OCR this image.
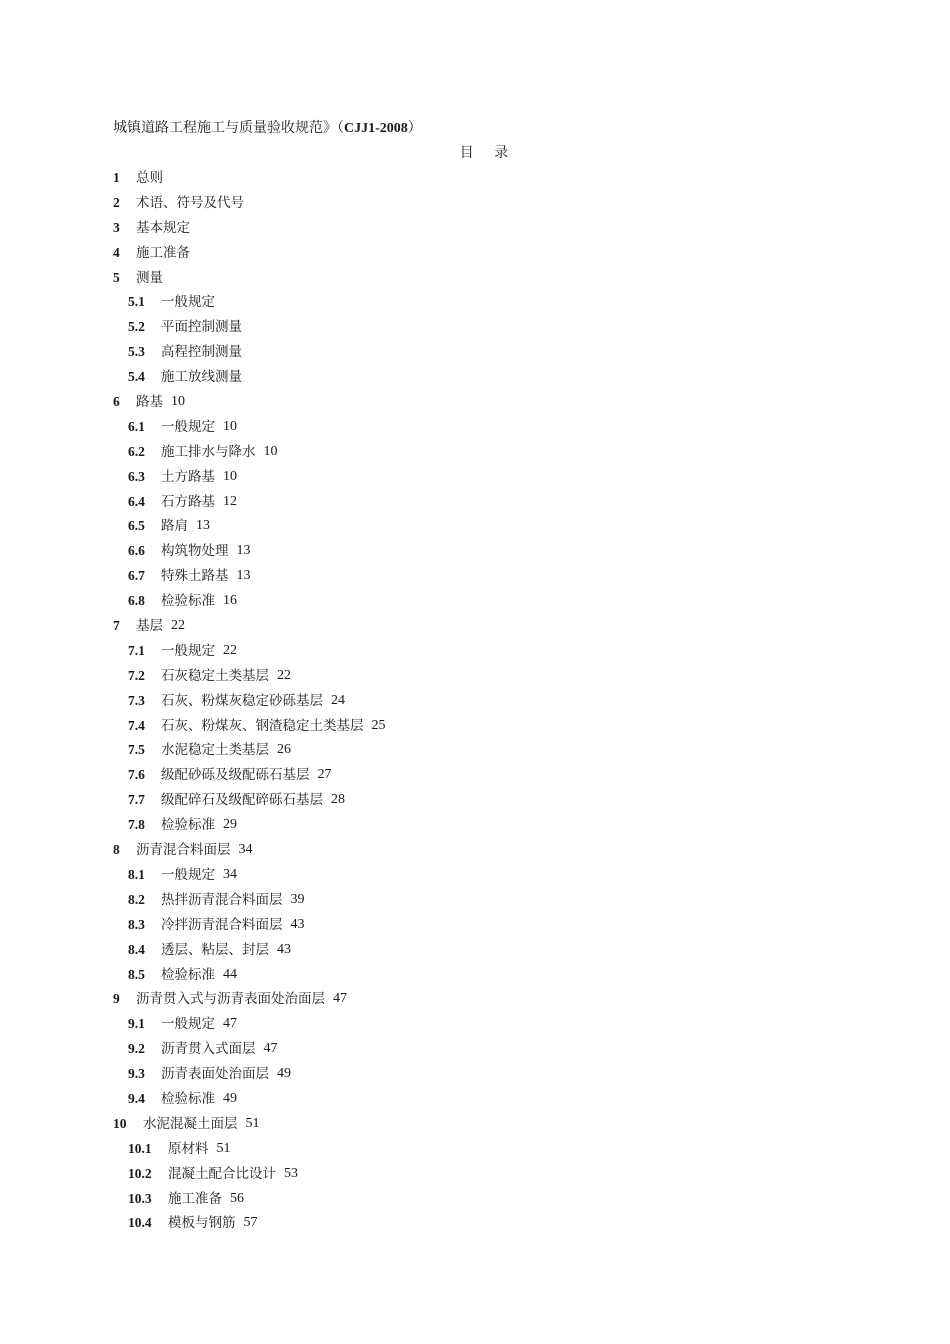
城镇道路工程施工与质量验收规范》（CJJ1-2008）
目 录
1	总则
2	术语、符号及代号
3	基本规定
4	施工准备
5	测量
5.1	一般规定
5.2	平面控制测量
5.3	高程控制测量
5.4	施工放线测量
6	路基 10
6.1	一般规定 10
6.2	施工排水与降水 10
6.3	土方路基 10
6.4	石方路基 12
6.5	路肩 13
6.6	构筑物处理 13
6.7	特殊土路基 13
6.8	检验标准 16
7	基层 22
7.1	一般规定 22
7.2	石灰稳定土类基层 22
7.3	石灰、粉煤灰稳定砂砾基层 24
7.4	石灰、粉煤灰、钢渣稳定土类基层 25
7.5	水泥稳定土类基层 26
7.6	级配砂砾及级配砾石基层 27
7.7	级配碎石及级配碎砾石基层 28
7.8	检验标准 29
8	沥青混合料面层 34
8.1	一般规定 34
8.2	热拌沥青混合料面层 39
8.3	冷拌沥青混合料面层 43
8.4	透层、粘层、封层 43
8.5	检验标准 44
9	沥青贯入式与沥青表面处治面层 47
9.1	一般规定 47
9.2	沥青贯入式面层 47
9.3	沥青表面处治面层 49
9.4	检验标准 49
10	水泥混凝土面层 51
10.1	原材料 51
10.2	混凝土配合比设计 53
10.3	施工准备 56
10.4	模板与钢筋 57
